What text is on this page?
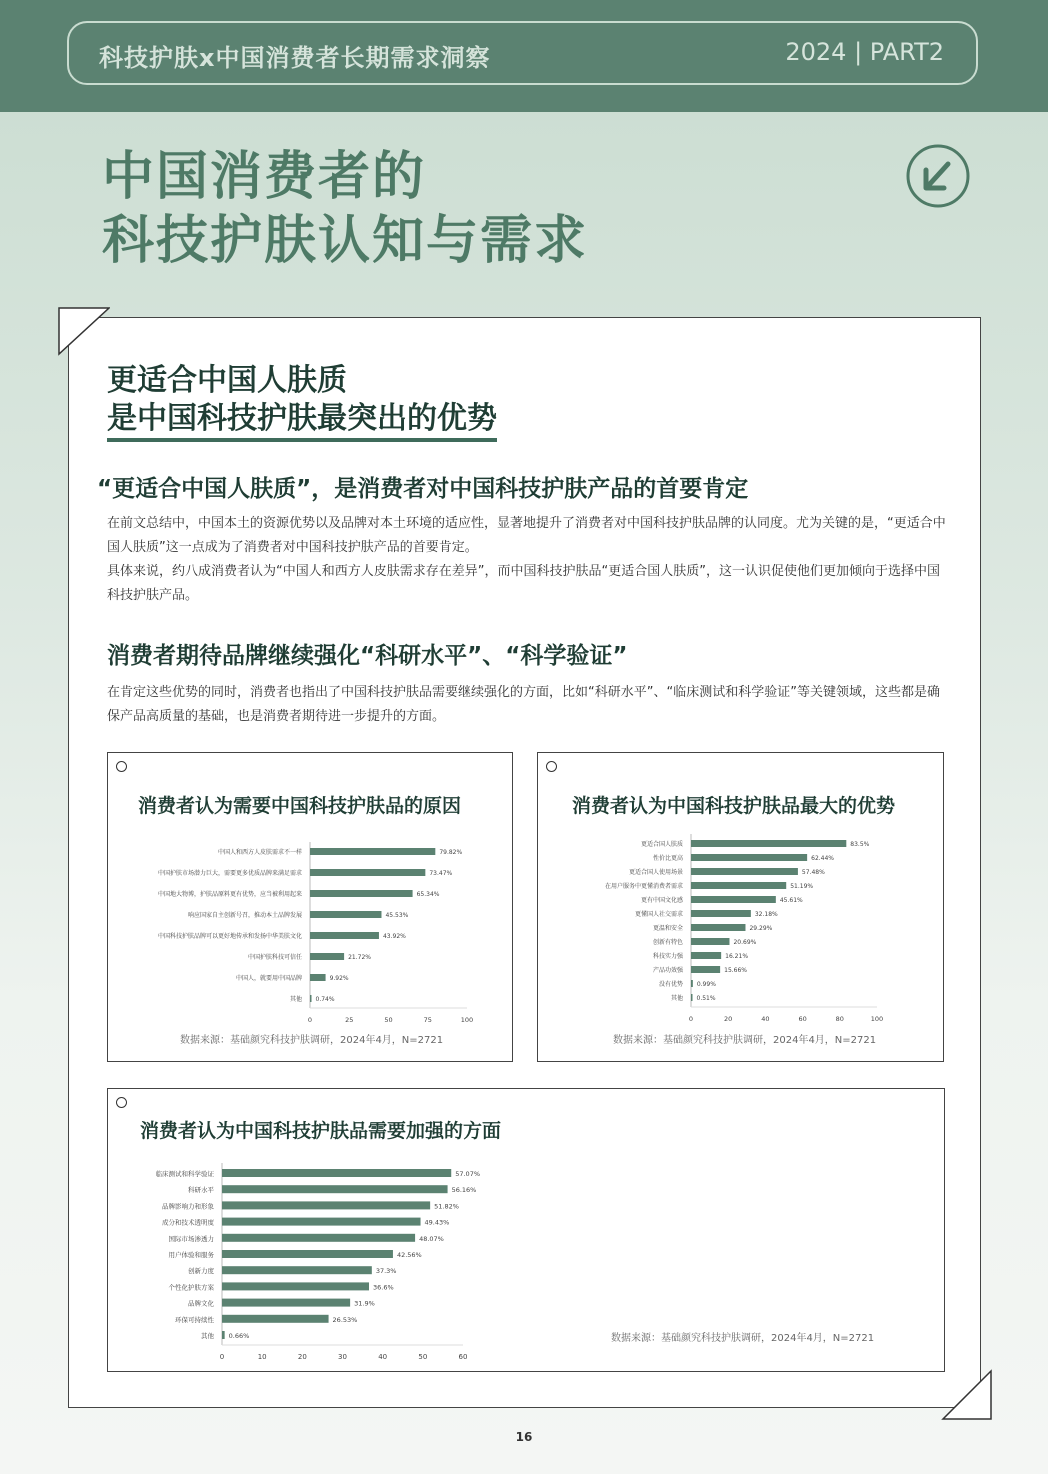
科技护肤x中国消费者长期需求洞察	2024 | PART2
中国消费者的
科技护肤认知与需求
更适合中国人肤质
是中国科技护肤最突出的优势
“更适合中国人肤质”，是消费者对中国科技护肤产品的首要肯定

在前文总结中，中国本土的资源优势以及品牌对本土环境的适应性，显著地提升了消费者对中国科技护肤品牌的认同度。尤为关键的是，“更适合中国人肤质”这一点成为了消费者对中国科技护肤产品的首要肯定。

具体来说，约八成消费者认为“中国人和西方人皮肤需求存在差异”，而中国科技护肤品“更适合国人肤质”，这一认识促使他们更加倾向于选择中国科技护肤产品。

消费者期待品牌继续强化“科研水平”、“科学验证”

在肯定这些优势的同时，消费者也指出了中国科技护肤品需要继续强化的方面，比如“科研水平”、“临床测试和科学验证”等关键领域，这些都是确保产品高质量的基础，也是消费者期待进一步提升的方面。

消费者认为需要中国科技护肤品的原因
中国人和西方人皮肤需求不一样	79.82%
中国护肤市场潜力巨大，需要更多优质品牌来满足需求	73.47%
中国地大物博，护肤品原料更有优势，应当被利用起来	65.34%
响应国家自主创新号召，推动本土品牌发展	45.53%
中国科技护肤品牌可以更好地传承和发扬中华美肤文化	43.92%
中国护肤科技可信任	21.72%
中国人，就要用中国品牌	9.92%
其他 0.74%
0	25	50	75	100
数据来源：基础颜究科技护肤调研，2024年4月，N=2721
消费者认为中国科技护肤品最大的优势
更适合国人肤质	83.5%
性价比更高	62.44%
更适合国人使用场景	57.48%
在用户服务中更懂消费者需求	51.19%
更有中国文化感	45.61%
更懂国人社交需求	32.18%
更温和安全	29.29%
创新有特色	20.69%
科技实力强	16.21%
产品功效强	15.66%
没有优势 0.99%
其他 0.51%
0	20	40	60	80	100
数据来源：基础颜究科技护肤调研，2024年4月，N=2721
消费者认为中国科技护肤品需要加强的方面
临床测试和科学验证	57.07%
科研水平	56.16%
品牌影响力和形象	51.82%
成分和技术透明度	49.43%
国际市场渗透力	48.07%
用户体验和服务	42.56%
创新力度	37.3%
个性化护肤方案	36.6%
品牌文化	31.9%
环保可持续性	26.53%
其他 0.66%
0	10	20	30	40	50	60
数据来源：基础颜究科技护肤调研，2024年4月，N=2721
16
